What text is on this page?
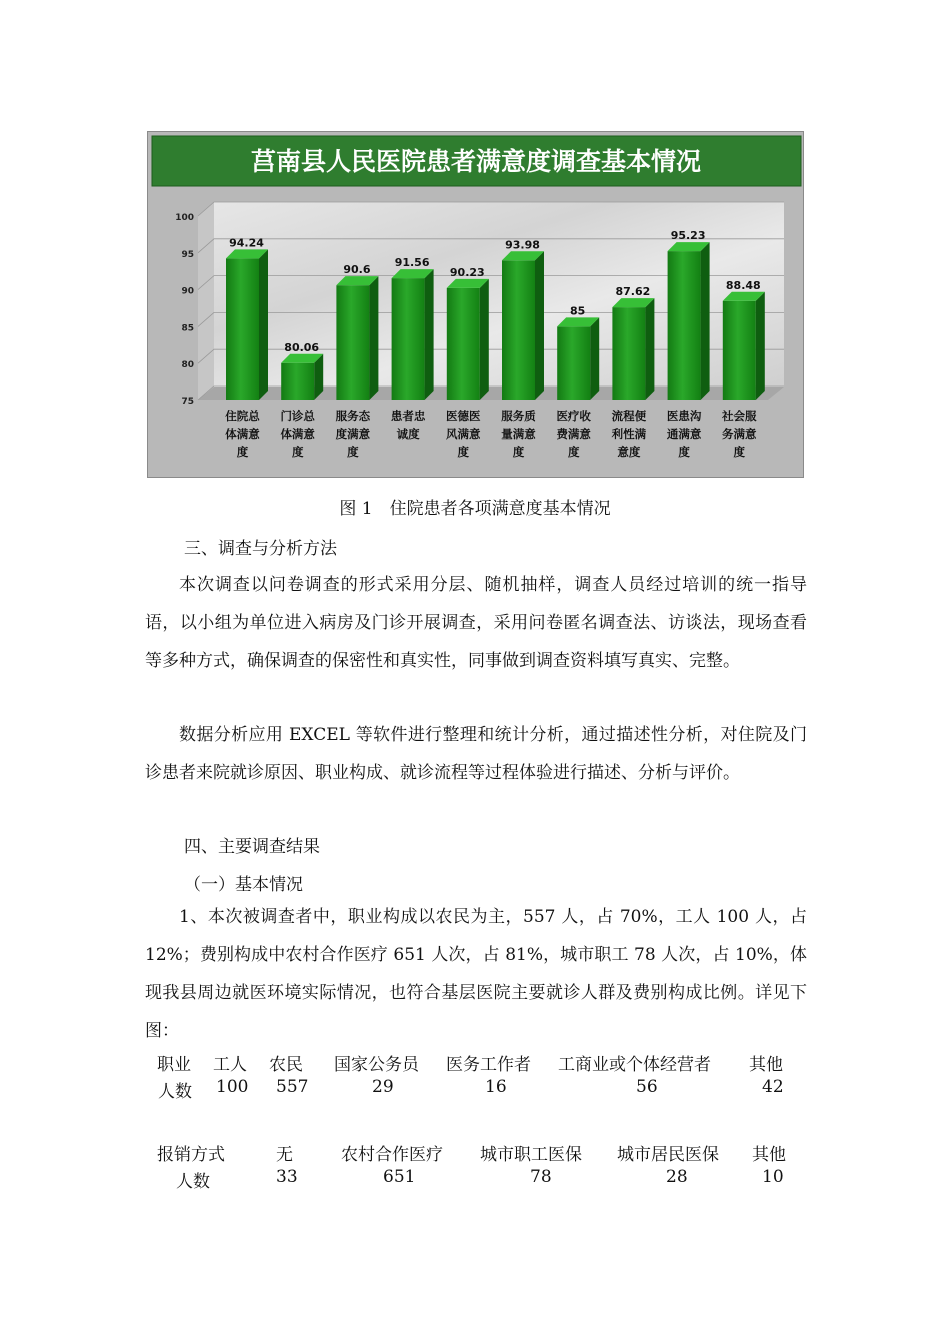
莒南县人民医院患者满意度调查基本情况
94.24
80.06
90.6
91.56
90.23
93.98
85
87.62
95.23
88.48
75
80
85
90
95
100
住院总体满意度
门诊总体满意度
服务态度满意度
患者忠诚度
医德医风满意度
服务质量满意度
医疗收费满意度
流程便利性满意度
医患沟通满意度
社会服务满意度
图 1　住院患者各项满意度基本情况

三、调查与分析方法

本次调查以问卷调查的形式采用分层、随机抽样，调查人员经过培训的统一指导语，以小组为单位进入病房及门诊开展调查，采用问卷匿名调查法、访谈法，现场查看等多种方式，确保调查的保密性和真实性，同事做到调查资料填写真实、完整。

数据分析应用 EXCEL 等软件进行整理和统计分析，通过描述性分析，对住院及门诊患者来院就诊原因、职业构成、就诊流程等过程体验进行描述、分析与评价。

四、主要调查结果

（一）基本情况

1、本次被调查者中，职业构成以农民为主，557 人，占 70%，工人 100 人，占 12%；费别构成中农村合作医疗 651 人次，占 81%，城市职工 78 人次，占 10%，体现我县周边就医环境实际情况，也符合基层医院主要就诊人群及费别构成比例。详见下图：

职业 工人 农民 国家公务员 医务工作者 工商业或个体经营者 其他
人数 100 557	29	16	56	42
报销方式	无	农村合作医疗 城市职工医保 城市居民医保 其他
人数	33	651	78	28	10
